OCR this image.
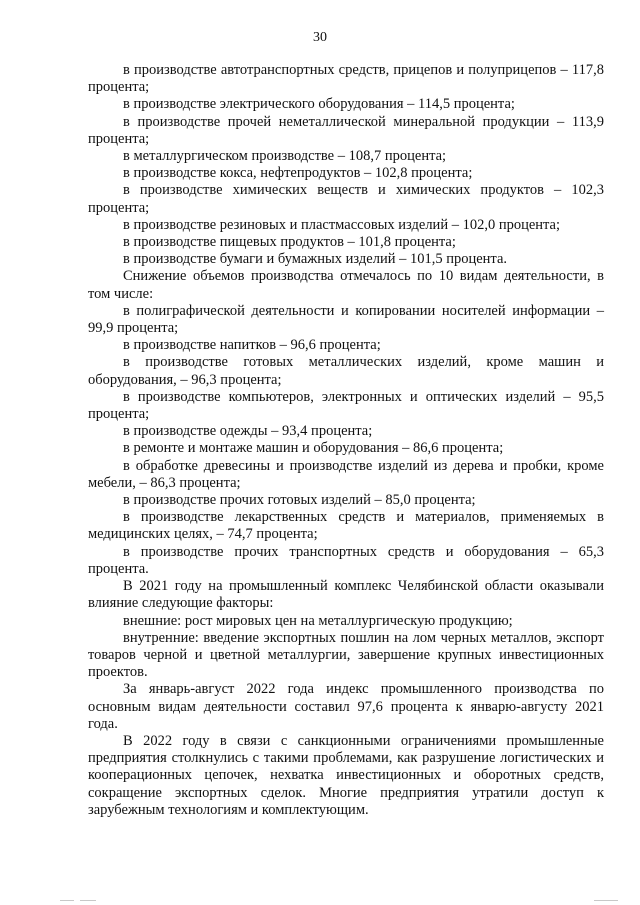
30

в производстве автотранспортных средств, прицепов и полуприцепов – 117,8 процента;

в производстве электрического оборудования – 114,5 процента;

в производстве прочей неметаллической минеральной продукции – 113,9 процента;

в металлургическом производстве – 108,7 процента;

в производстве кокса, нефтепродуктов – 102,8 процента;

в производстве химических веществ и химических продуктов – 102,3 процента;

в производстве резиновых и пластмассовых изделий – 102,0 процента;

в производстве пищевых продуктов – 101,8 процента;

в производстве бумаги и бумажных изделий – 101,5 процента.

Снижение объемов производства отмечалось по 10 видам деятельности, в том числе:

в полиграфической деятельности и копировании носителей информации – 99,9 процента;

в производстве напитков – 96,6 процента;

в производстве готовых металлических изделий, кроме машин и оборудования, – 96,3 процента;

в производстве компьютеров, электронных и оптических изделий – 95,5 процента;

в производстве одежды – 93,4 процента;

в ремонте и монтаже машин и оборудования – 86,6 процента;

в обработке древесины и производстве изделий из дерева и пробки, кроме мебели, – 86,3 процента;

в производстве прочих готовых изделий – 85,0 процента;

в производстве лекарственных средств и материалов, применяемых в медицинских целях, – 74,7 процента;

в производстве прочих транспортных средств и оборудования – 65,3 процента.

В 2021 году на промышленный комплекс Челябинской области оказывали влияние следующие факторы:

внешние: рост мировых цен на металлургическую продукцию;

внутренние: введение экспортных пошлин на лом черных металлов, экспорт товаров черной и цветной металлургии, завершение крупных инвестиционных проектов.

За январь-август 2022 года индекс промышленного производства по основным видам деятельности составил 97,6 процента к январю-августу 2021 года.

В 2022 году в связи с санкционными ограничениями промышленные предприятия столкнулись с такими проблемами, как разрушение логистических и кооперационных цепочек, нехватка инвестиционных и оборотных средств, сокращение экспортных сделок. Многие предприятия утратили доступ к зарубежным технологиям и комплектующим.
